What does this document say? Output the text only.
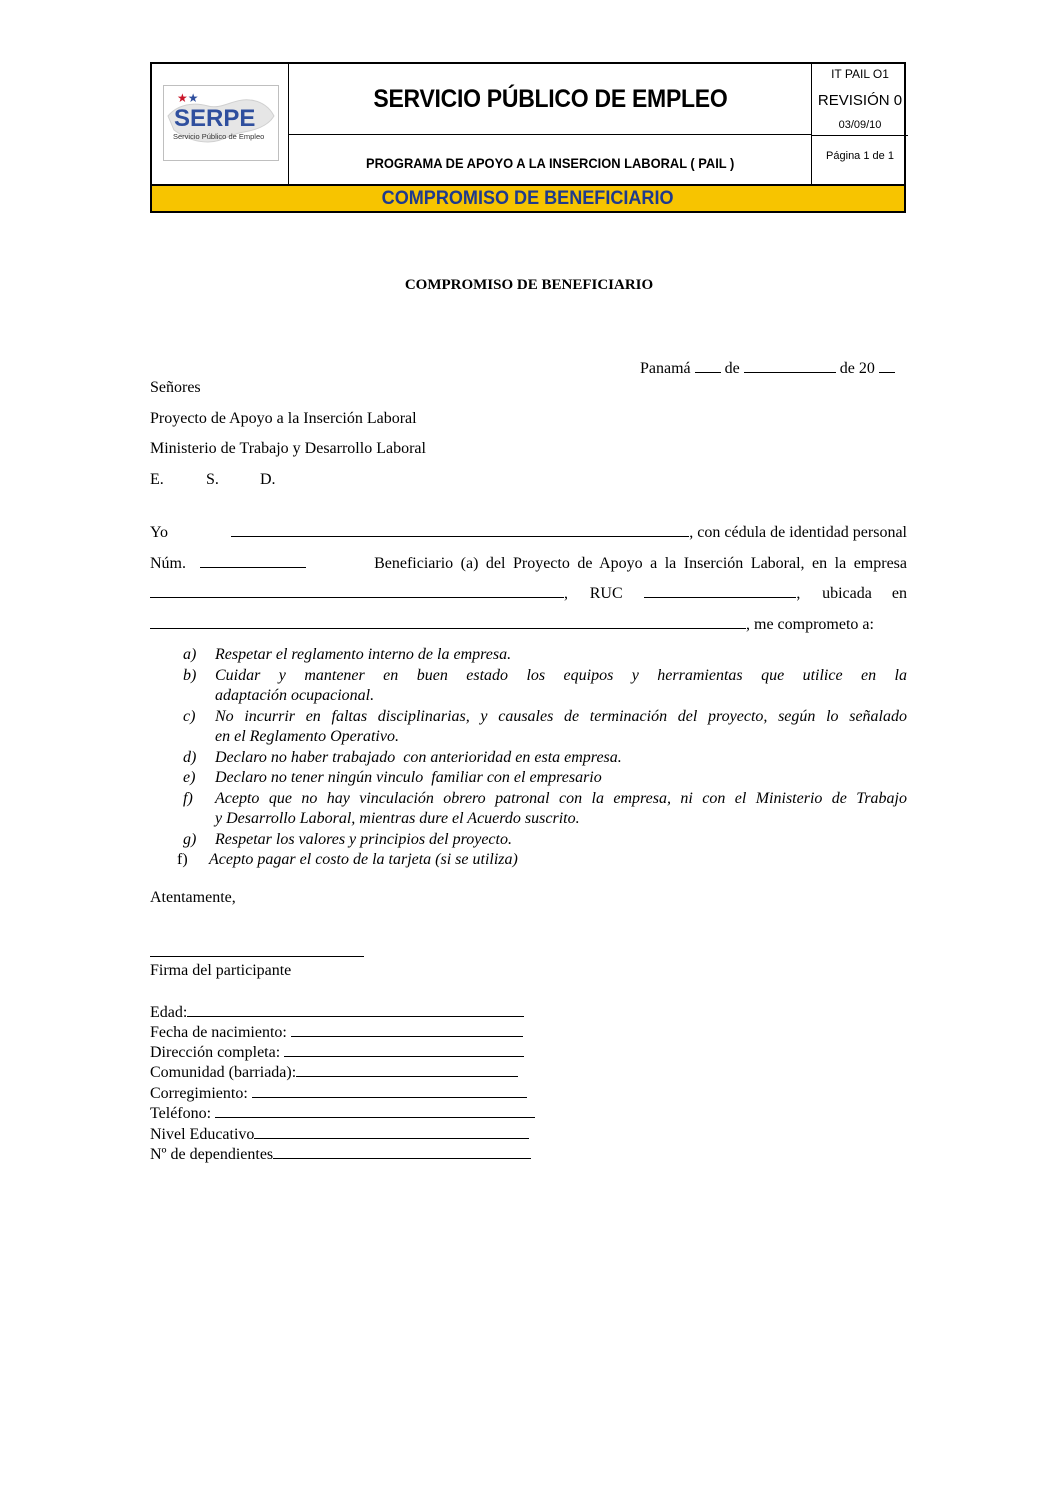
★★
SERPE
Servicio Público de Empleo
SERVICIO PÚBLICO DE EMPLEO
PROGRAMA DE APOYO A LA INSERCION LABORAL ( PAIL )
IT PAIL O1
REVISIÓN 0
03/09/10
Página 1 de 1
COMPROMISO DE BENEFICIARIO
COMPROMISO DE BENEFICIARIO
Panamá de	de 20
Señores
Proyecto de Apoyo a la Inserción Laboral
Ministerio de Trabajo y Desarrollo Laboral
E.	S.	D.
Yo	, con cédula de identidad personal
Núm.	Beneficiario (a) del Proyecto de Apoyo a la Inserción Laboral, en la empresa
, RUC	, ubicada en
, me comprometo a:
a)	Respetar el reglamento interno de la empresa.
b)	Cuidar y mantener en buen estado los equipos y herramientas que utilice en la
adaptación ocupacional.
c)	No incurrir en faltas disciplinarias, y causales de terminación del proyecto, según lo señalado
en el Reglamento Operativo.
d)	Declaro no haber trabajado  con anterioridad en esta empresa.
e)	Declaro no tener ningún vinculo  familiar con el empresario
f)	Acepto que no hay vinculación obrero patronal con la empresa, ni con el Ministerio de Trabajo
y Desarrollo Laboral, mientras dure el Acuerdo suscrito.
g)	Respetar los valores y principios del proyecto.
f)	Acepto pagar el costo de la tarjeta (si se utiliza)
Atentamente,
Firma del participante
Edad:
Fecha de nacimiento:
Dirección completa:
Comunidad (barriada):
Corregimiento:
Teléfono:
Nivel Educativo
Nº de dependientes
